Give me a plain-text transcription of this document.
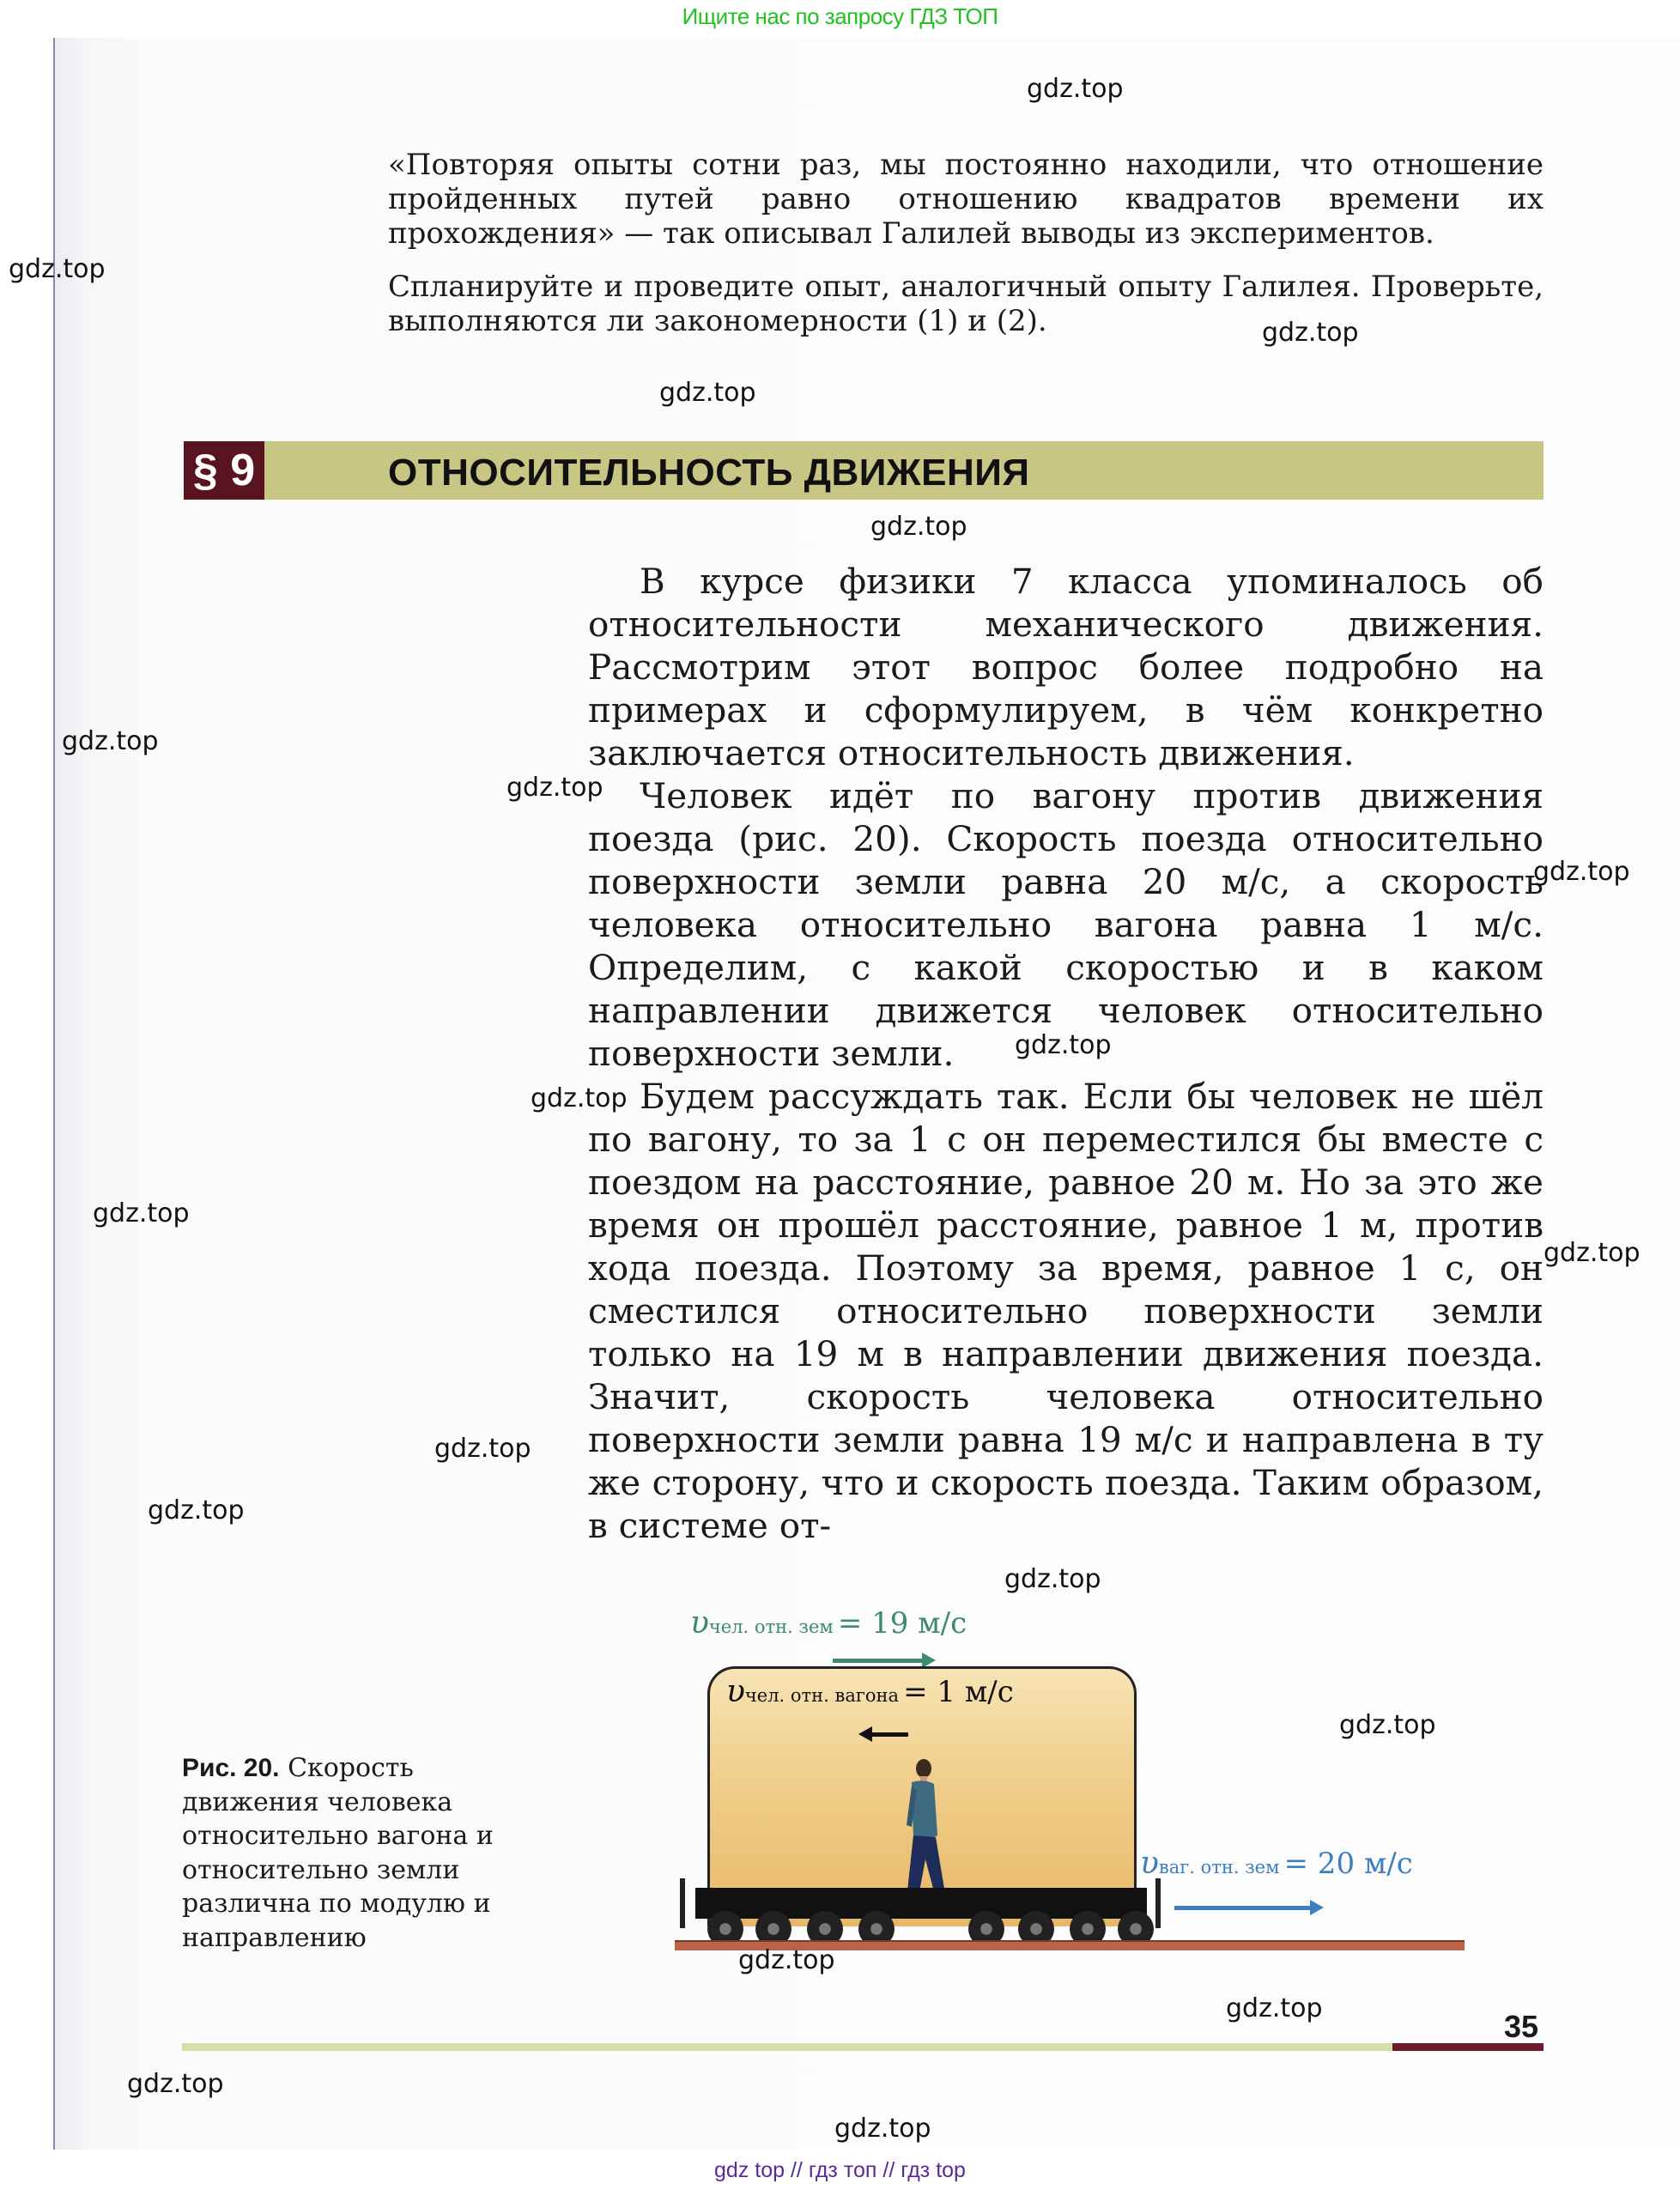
Ищите нас по запросу ГДЗ ТОП

«Повторяя опыты сотни раз, мы постоянно находили, что отношение пройденных путей равно отношению квадратов времени их прохождения» — так описывал Галилей выводы из экспериментов.

Спланируйте и проведите опыт, аналогичный опыту Галилея. Проверьте, выполняются ли закономерности (1) и (2).

§ 9	ОТНОСИТЕЛЬНОСТЬ ДВИЖЕНИЯ

В курсе физики 7 класса упоминалось об относительности механического движения. Рассмотрим этот вопрос более подробно на примерах и сформулируем, в чём конкретно заключается относительность движения.

Человек идёт по вагону против движения поезда (рис. 20). Скорость поезда относительно поверхности земли равна 20 м/с, а скорость человека относительно вагона равна 1 м/с. Определим, с какой скоростью и в каком направлении движется человек относительно поверхности земли.

Будем рассуждать так. Если бы человек не шёл по вагону, то за 1 с он переместился бы вместе с поездом на расстояние, равное 20 м. Но за это же время он прошёл расстояние, равное 1 м, против хода поезда. Поэтому за время, равное 1 с, он сместился относительно поверхности земли только на 19 м в направлении движения поезда. Значит, скорость человека относительно поверхности земли равна 19 м/с и направлена в ту же сторону, что и скорость поезда. Таким образом, в системе от-

υчел. отн. зем = 19 м/с
υчел. отн. вагона = 1 м/с
υваг. отн. зем = 20 м/с
Рис. 20. Скорость движения человека относительно вагона и относительно земли различна по модулю и направлению
35
gdz.top
gdz.top
gdz.top
gdz.top
gdz.top
gdz.top
gdz.top
gdz.top
gdz.top
gdz.top
gdz.top
gdz.top
gdz.top
gdz.top
gdz.top
gdz.top
gdz.top
gdz.top
gdz.top
gdz.top
gdz top // гдз топ // гдз top
